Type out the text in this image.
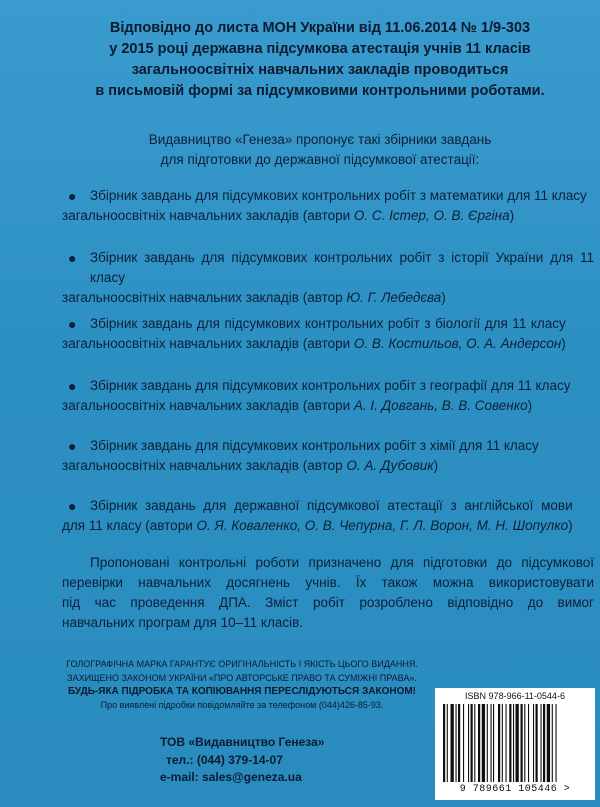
Відповідно до листа МОН України від 11.06.2014 № 1/9-303
у 2015 році державна підсумкова атестація учнів 11 класів
загальноосвітніх навчальних закладів проводиться
в письмовій формі за підсумковими контрольними роботами.
Видавництво «Генеза» пропонує такі збірники завдань
для підготовки до державної підсумкової атестації:
●	Збірник завдань для підсумкових контрольних робіт з математики для 11 класу
загальноосвітніх навчальних закладів (автори О. С. Істер, О. В. Єргіна)
●	Збірник завдань для підсумкових контрольних робіт з історії України для 11 класу
загальноосвітніх навчальних закладів (автор Ю. Г. Лебедєва)
●	Збірник завдань для підсумкових контрольних робіт з біології для 11 класу
загальноосвітніх навчальних закладів (автори О. В. Костильов, О. А. Андерсон)
●	Збірник завдань для підсумкових контрольних робіт з географії для 11 класу
загальноосвітніх навчальних закладів (автори А. І. Довгань, В. В. Совенко)
●	Збірник завдань для підсумкових контрольних робіт з хімії для 11 класу
загальноосвітніх навчальних закладів (автор О. А. Дубовик)
●	Збірник завдань для державної підсумкової атестації з англійської мови
для 11 класу (автори О. Я. Коваленко, О. В. Чепурна, Г. Л. Ворон, М. Н. Шопулко)
Пропоновані контрольні роботи призначено для підготовки до підсумкової
перевірки навчальних досягнень учнів. Їх також можна використовувати
під час проведення ДПА. Зміст робіт розроблено відповідно до вимог
навчальних програм для 10–11 класів.
ГОЛОГРАФІЧНА МАРКА ГАРАНТУЄ ОРИГІНАЛЬНІСТЬ І ЯКІСТЬ ЦЬОГО ВИДАННЯ.
ЗАХИЩЕНО ЗАКОНОМ УКРАЇНИ «ПРО АВТОРСЬКЕ ПРАВО ТА СУМІЖНІ ПРАВА».
БУДЬ-ЯКА ПІДРОБКА ТА КОПІЮВАННЯ ПЕРЕСЛІДУЮТЬСЯ ЗАКОНОМ!
Про виявлені підробки повідомляйте за телефоном (044)426-85-93.
ТОВ «Видавництво Генеза»
тел.: (044) 379-14-07
e-mail: sales@geneza.ua
ISBN 978-966-11-0544-6
9 789661 105446 >
